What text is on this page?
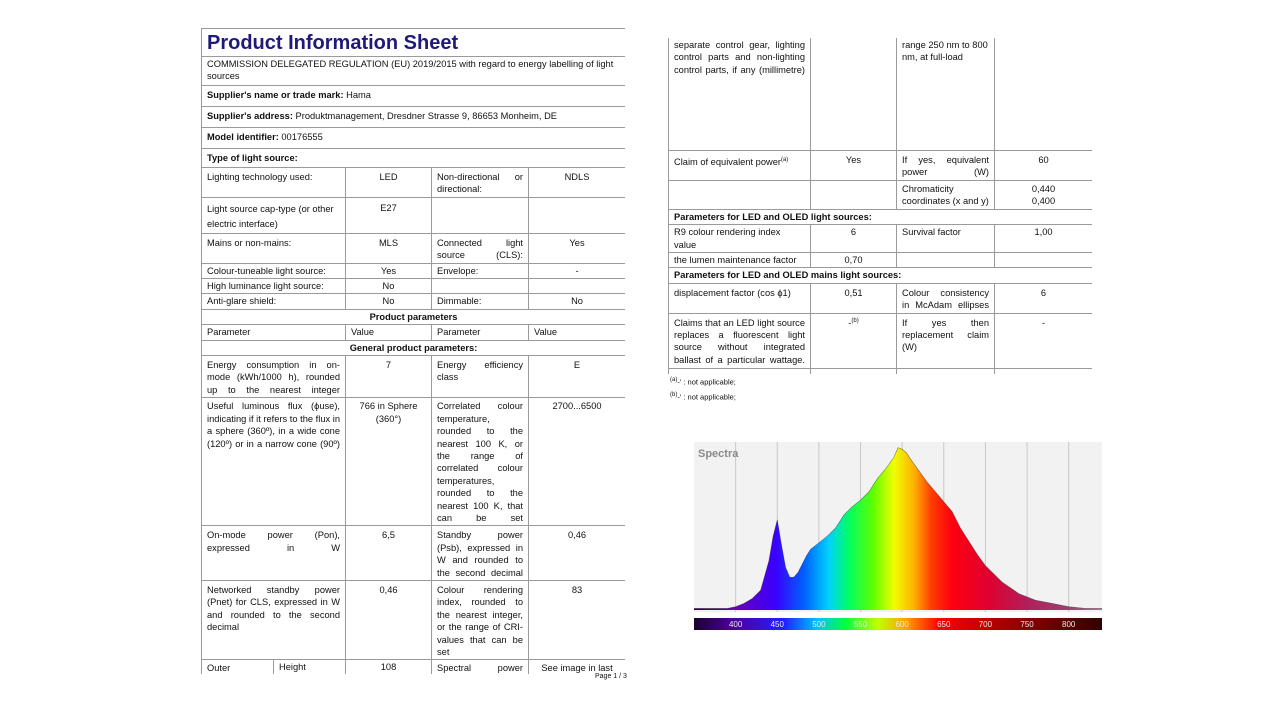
Product Information Sheet				
COMMISSION DELEGATED REGULATION (EU) 2019/2015 with regard to energy labelling of light sources				
Supplier's name or trade mark: Hama				
Supplier's address: Produktmanagement, Dresdner Strasse 9, 86653 Monheim, DE				
Model identifier: 00176555				
Type of light source:				
Lighting technology used:		LED	Non-directional or directional:	NDLS
Light source cap-type (or other electric interface)		E27		
Mains or non-mains:		MLS	Connected light source (CLS):	Yes
Colour-tuneable light source:		Yes	Envelope:	-
High luminance light source:		No		
Anti-glare shield:		No	Dimmable:	No
Product parameters				
Parameter		Value	Parameter	Value
General product parameters:				
Energy consumption in on-mode (kWh/1000 h), rounded up to the nearest integer		7	Energy efficiency class	E
Useful luminous flux (ϕuse), indicating if it refers to the flux in a sphere (360º), in a wide cone (120º) or in a narrow cone (90º)		766 in Sphere (360°)	Correlated colour temperature, rounded to the nearest 100 K, or the range of correlated colour temperatures, rounded to the nearest 100 K, that can be set	2700...6500
On-mode power (Pon), expressed in W		6,5	Standby power (Psb), expressed in W and rounded to the second decimal	0,46
Networked standby power (Pnet) for CLS, expressed in W and rounded to the second decimal		0,46	Colour rendering index, rounded to the nearest integer, or the range of CRI-values that can be set	83
Outer	Height	108	Spectral power	See image in last

Page 1 / 3
separate control gear, lighting control parts and non-lighting control parts, if any (millimetre)		range 250 nm to 800 nm, at full-load	
Claim of equivalent power$^{(a)}$	Yes	If yes, equivalent power (W)	60
		Chromaticity coordinates (x and y)	0,440
0,400

Parameters for LED and OLED light sources:			
R9 colour rendering index value	6	Survival factor	1,00
the lumen maintenance factor	0,70		
Parameters for LED and OLED mains light sources:			
displacement factor (cos ϕ1)	0,51	Colour consistency in McAdam ellipses	6
Claims that an LED light source replaces a fluorescent light source without integrated ballast of a particular wattage.	-$^{(b)}$	If yes then replacement claim (W)	-

$^{(a)}$-' : not applicable;
$^{(b)}$-' : not applicable;
400	450	500	550	600	650	700	750	800
Spectra
